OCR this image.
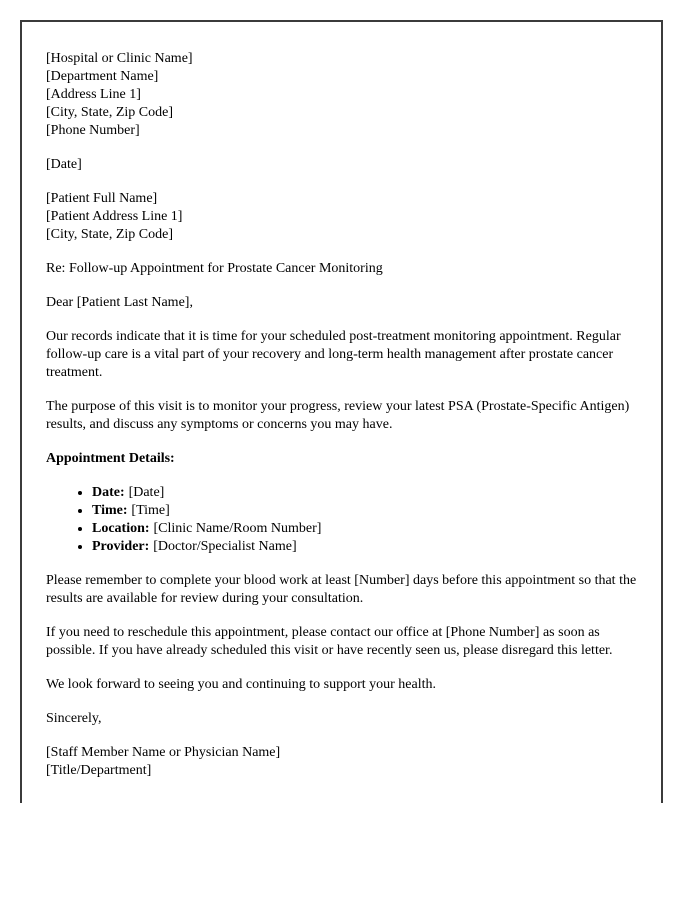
[Hospital or Clinic Name]
[Department Name]
[Address Line 1]
[City, State, Zip Code]
[Phone Number]
[Date]
[Patient Full Name]
[Patient Address Line 1]
[City, State, Zip Code]

Re: Follow-up Appointment for Prostate Cancer Monitoring

Dear [Patient Last Name],

Our records indicate that it is time for your scheduled post-treatment monitoring appointment. Regular follow-up care is a vital part of your recovery and long-term health management after prostate cancer treatment.

The purpose of this visit is to monitor your progress, review your latest PSA (Prostate-Specific Antigen) results, and discuss any symptoms or concerns you may have.

Appointment Details:

• Date: [Date]
• Time: [Time]
• Location: [Clinic Name/Room Number]
• Provider: [Doctor/Specialist Name]

Please remember to complete your blood work at least [Number] days before this appointment so that the results are available for review during your consultation.

If you need to reschedule this appointment, please contact our office at [Phone Number] as soon as possible. If you have already scheduled this visit or have recently seen us, please disregard this letter.

We look forward to seeing you and continuing to support your health.

Sincerely,

[Staff Member Name or Physician Name]
[Title/Department]
